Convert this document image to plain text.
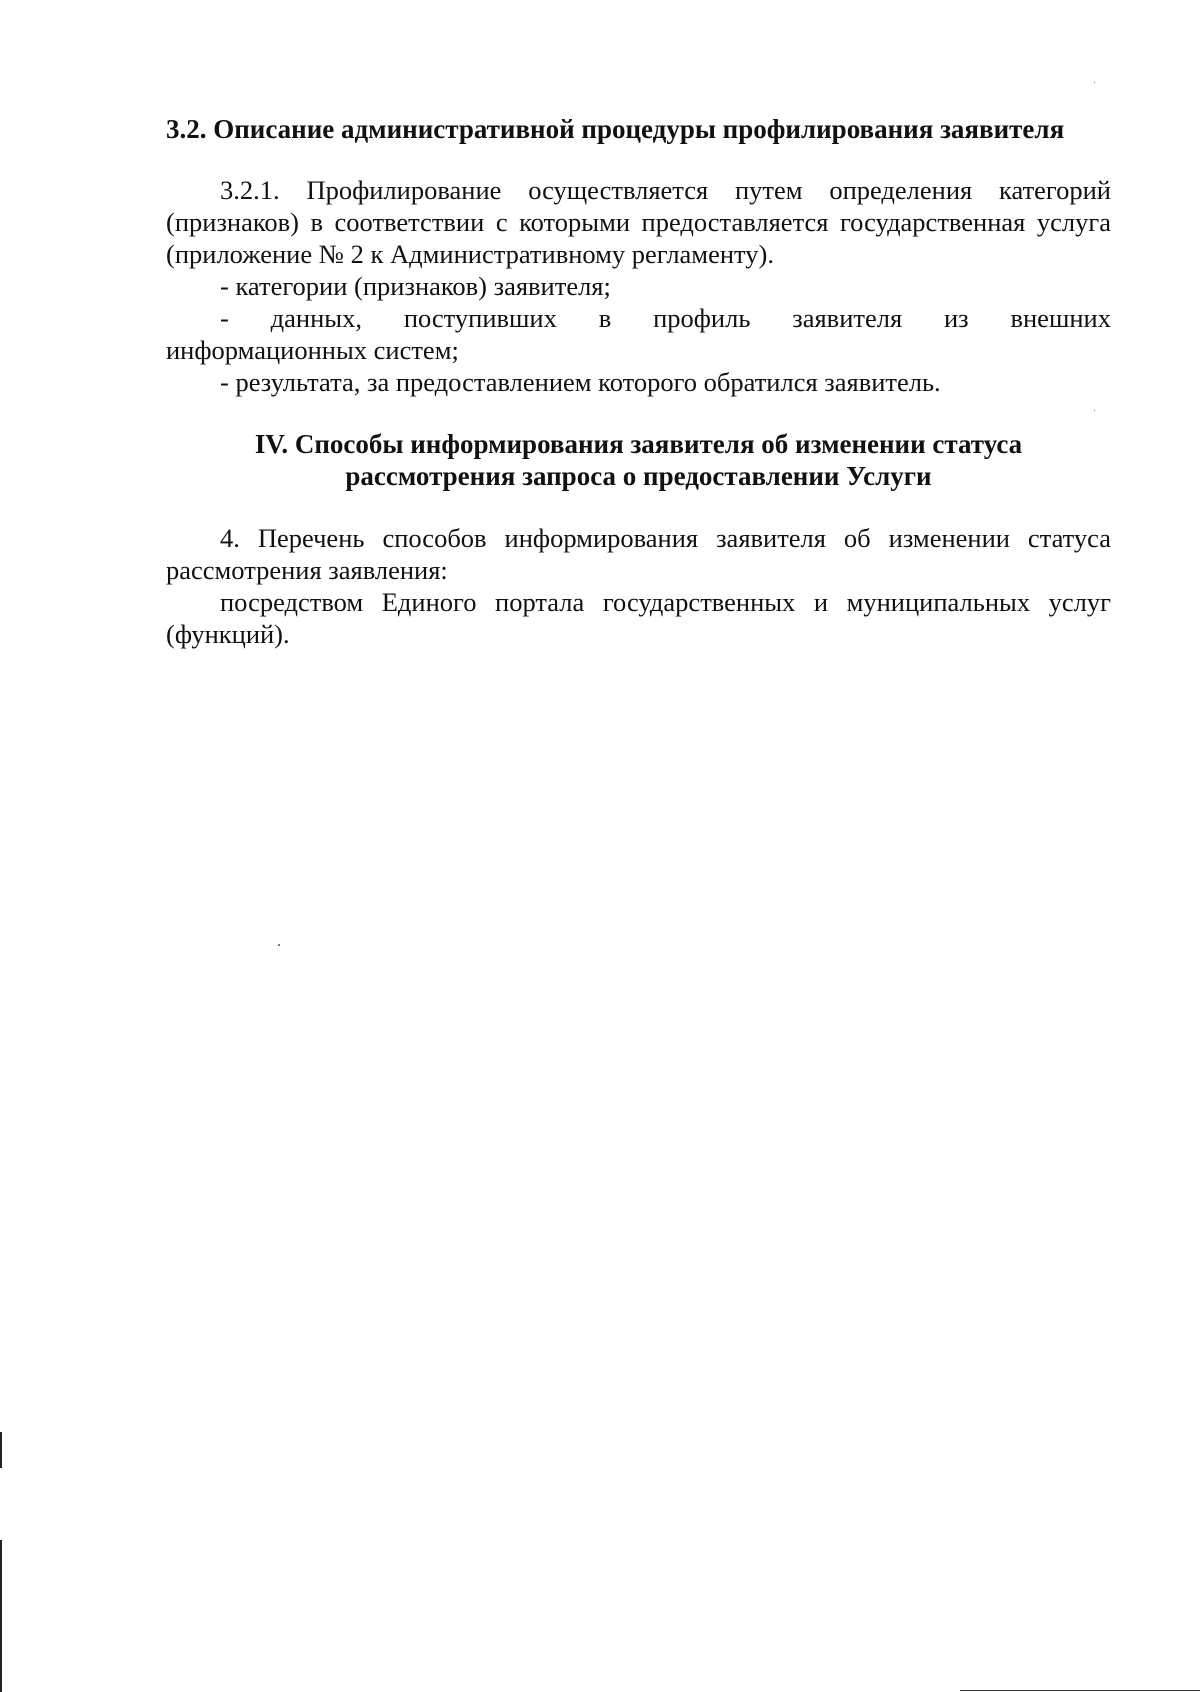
3.2. Описание административной процедуры профилирования заявителя

3.2.1. Профилирование осуществляется путем определения категорий (признаков) в соответствии с которыми предоставляется государственная услуга (приложение № 2 к Административному регламенту).

- категории (признаков) заявителя;

- данных, поступивших в профиль заявителя из внешних

информационных систем;

- результата, за предоставлением которого обратился заявитель.

IV. Способы информирования заявителя об изменении статуса
рассмотрения запроса о предоставлении Услуги

4. Перечень способов информирования заявителя об изменении статуса рассмотрения заявления:

посредством Единого портала государственных и муниципальных услуг (функций).
